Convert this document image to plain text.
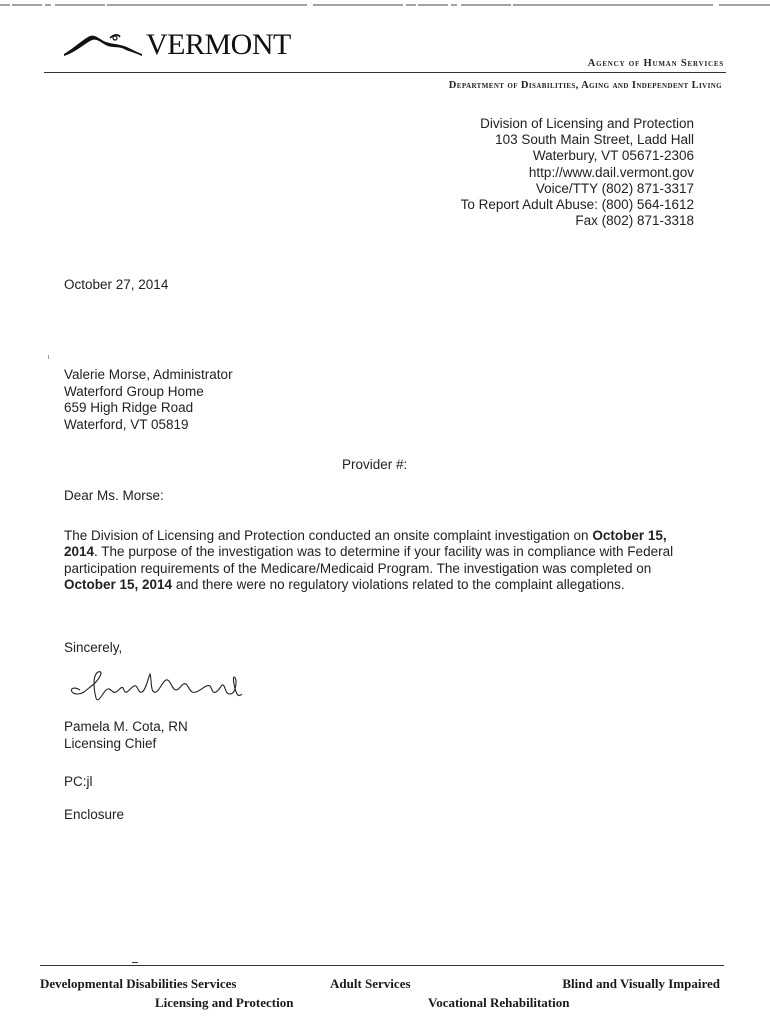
VERMONT
Agency of Human Services
Department of Disabilities, Aging and Independent Living
Division of Licensing and Protection
103 South Main Street, Ladd Hall
Waterbury, VT 05671-2306
http://www.dail.vermont.gov
Voice/TTY (802) 871-3317
To Report Adult Abuse: (800) 564-1612
Fax (802) 871-3318
October 27, 2014
Valerie Morse, Administrator
Waterford Group Home
659 High Ridge Road
Waterford, VT 05819
Provider #:
Dear Ms. Morse:
The Division of Licensing and Protection conducted an onsite complaint investigation on October 15, 2014. The purpose of the investigation was to determine if your facility was in compliance with Federal participation requirements of the Medicare/Medicaid Program. The investigation was completed on October 15, 2014 and there were no regulatory violations related to the complaint allegations.
Sincerely,
Pamela M. Cota, RN
Licensing Chief
PC:jl
Enclosure
Developmental Disabilities Services	Adult Services	Blind and Visually Impaired
Licensing and Protection	Vocational Rehabilitation
